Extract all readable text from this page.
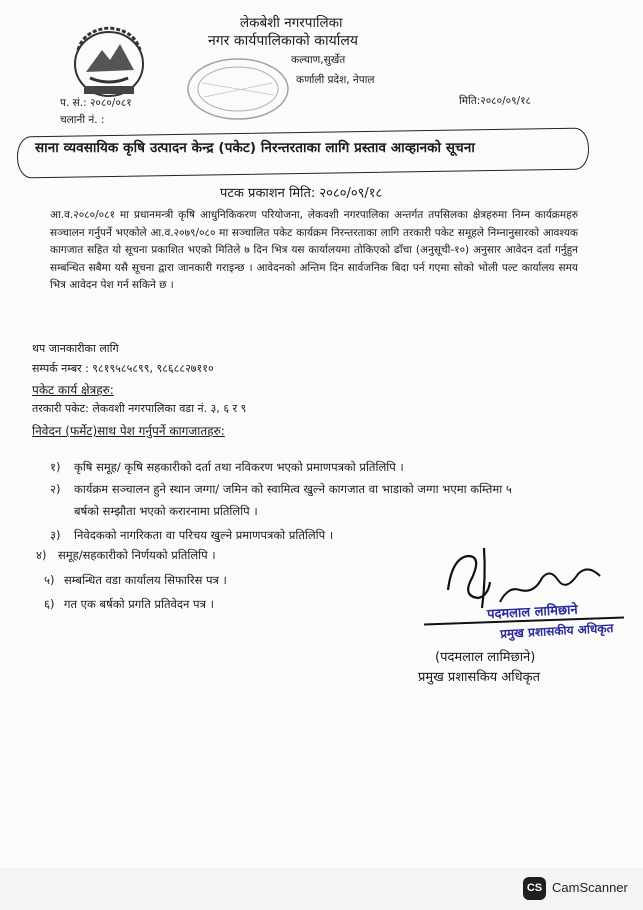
लेकबेशी नगरपालिका
नगर कार्यपालिकाको कार्यालय
कल्याण,सुर्खेत
कर्णाली प्रदेश, नेपाल
प. सं.: २०८०/०८१
चलानी नं. :
मिति:२०८०/०९/१८
साना व्यवसायिक कृषि उत्पादन केन्द्र (पकेट) निरन्तरताका लागि प्रस्ताव आव्हानको सूचना
पटक प्रकाशन मिति: २०८०/०९/१८
आ.व.२०८०/०८१ मा प्रधानमन्त्री कृषि आधुनिकिकरण परियोजना, लेकवशी नगरपालिका अन्तर्गत तपसिलका क्षेत्रहरुमा निम्न कार्यक्रमहरु सञ्चालन गर्नुपर्ने भएकोले आ.व.२०७९/०८० मा सञ्चालित पकेट कार्यक्रम निरन्तरताका लागि तरकारी पकेट समूहले निम्नानुसारको आवश्यक कागजात सहित यो सूचना प्रकाशित भएको मितिले ७ दिन भित्र यस कार्यालयमा तोकिएको ढाँचा (अनुसूची-१०) अनुसार आवेदन दर्ता गर्नुहुन सम्बन्धित सबैमा यसै सूचना द्वारा जानकारी गराइन्छ । आवेदनको अन्तिम दिन सार्वजनिक बिदा पर्न गएमा सोको भोली पल्ट कार्यालय समय भित्र आवेदन पेश गर्न सकिने छ ।
थप जानकारीका लागि
सम्पर्क नम्बर : ९८१९५८५८९९, ९८६८८२७११०
पकेट कार्य क्षेत्रहरु:
तरकारी पकेट: लेकवशी नगरपालिका वडा नं. ३, ६ र ९
निवेदन (फर्मेट)साथ पेश गर्नुपर्ने कागजातहरु:
१) कृषि समूह/ कृषि सहकारीको दर्ता तथा नविकरण भएको प्रमाणपत्रको प्रतिलिपि ।
२) कार्यक्रम सञ्चालन हुने स्थान जग्गा/ जमिन को स्वामित्व खुल्ने कागजात वा भाडाको जग्गा भएमा कम्तिमा ५
बर्षको सम्झौता भएको करारनामा प्रतिलिपि ।
३) निवेदकको नागरिकता वा परिचय खुल्ने प्रमाणपत्रको प्रतिलिपि ।
४) समूह/सहकारीको निर्णयको प्रतिलिपि ।
५) सम्बन्धित वडा कार्यालय सिफारिस पत्र ।
६) गत एक बर्षको प्रगति प्रतिवेदन पत्र ।	पदमलाल लामिछाने
प्रमुख प्रशासकीय अधिकृत
(पदमलाल लामिछाने)
प्रमुख प्रशासकिय अधिकृत
CS CamScanner
